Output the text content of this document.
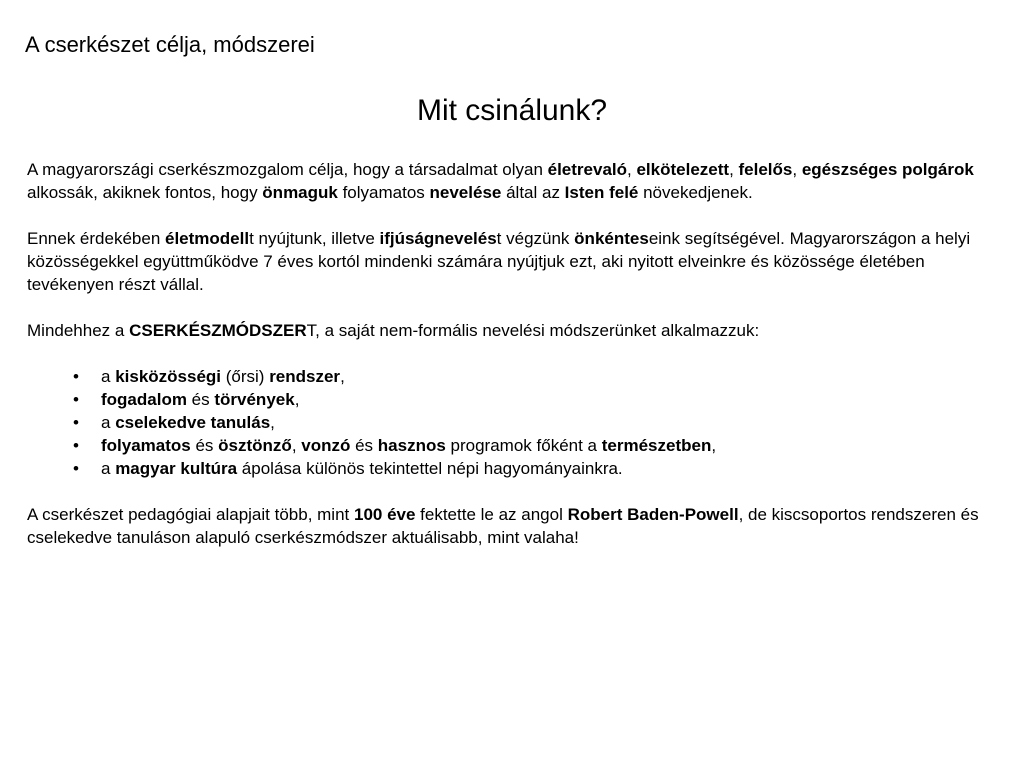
A cserkészet célja, módszerei
Mit csinálunk?

A magyarországi cserkészmozgalom célja, hogy a társadalmat olyan életrevaló, elkötelezett, felelős, egészséges polgárok alkossák, akiknek fontos, hogy önmaguk folyamatos nevelése által az Isten felé növekedjenek.

Ennek érdekében életmodellt nyújtunk, illetve ifjúságnevelést végzünk önkénteseink segítségével. Magyarországon a helyi közösségekkel együttműködve 7 éves kortól mindenki számára nyújtjuk ezt, aki nyitott elveinkre és közössége életében tevékenyen részt vállal.

Mindehhez a CSERKÉSZMÓDSZERT, a saját nem-formális nevelési módszerünket alkalmazzuk:

• a kisközösségi (őrsi) rendszer,
• fogadalom és törvények,
• a cselekedve tanulás,
• folyamatos és ösztönző, vonzó és hasznos programok főként a természetben,
• a magyar kultúra ápolása különös tekintettel népi hagyományainkra.

A cserkészet pedagógiai alapjait több, mint 100 éve fektette le az angol Robert Baden-Powell, de kiscsoportos rendszeren és cselekedve tanuláson alapuló cserkészmódszer aktuálisabb, mint valaha!
